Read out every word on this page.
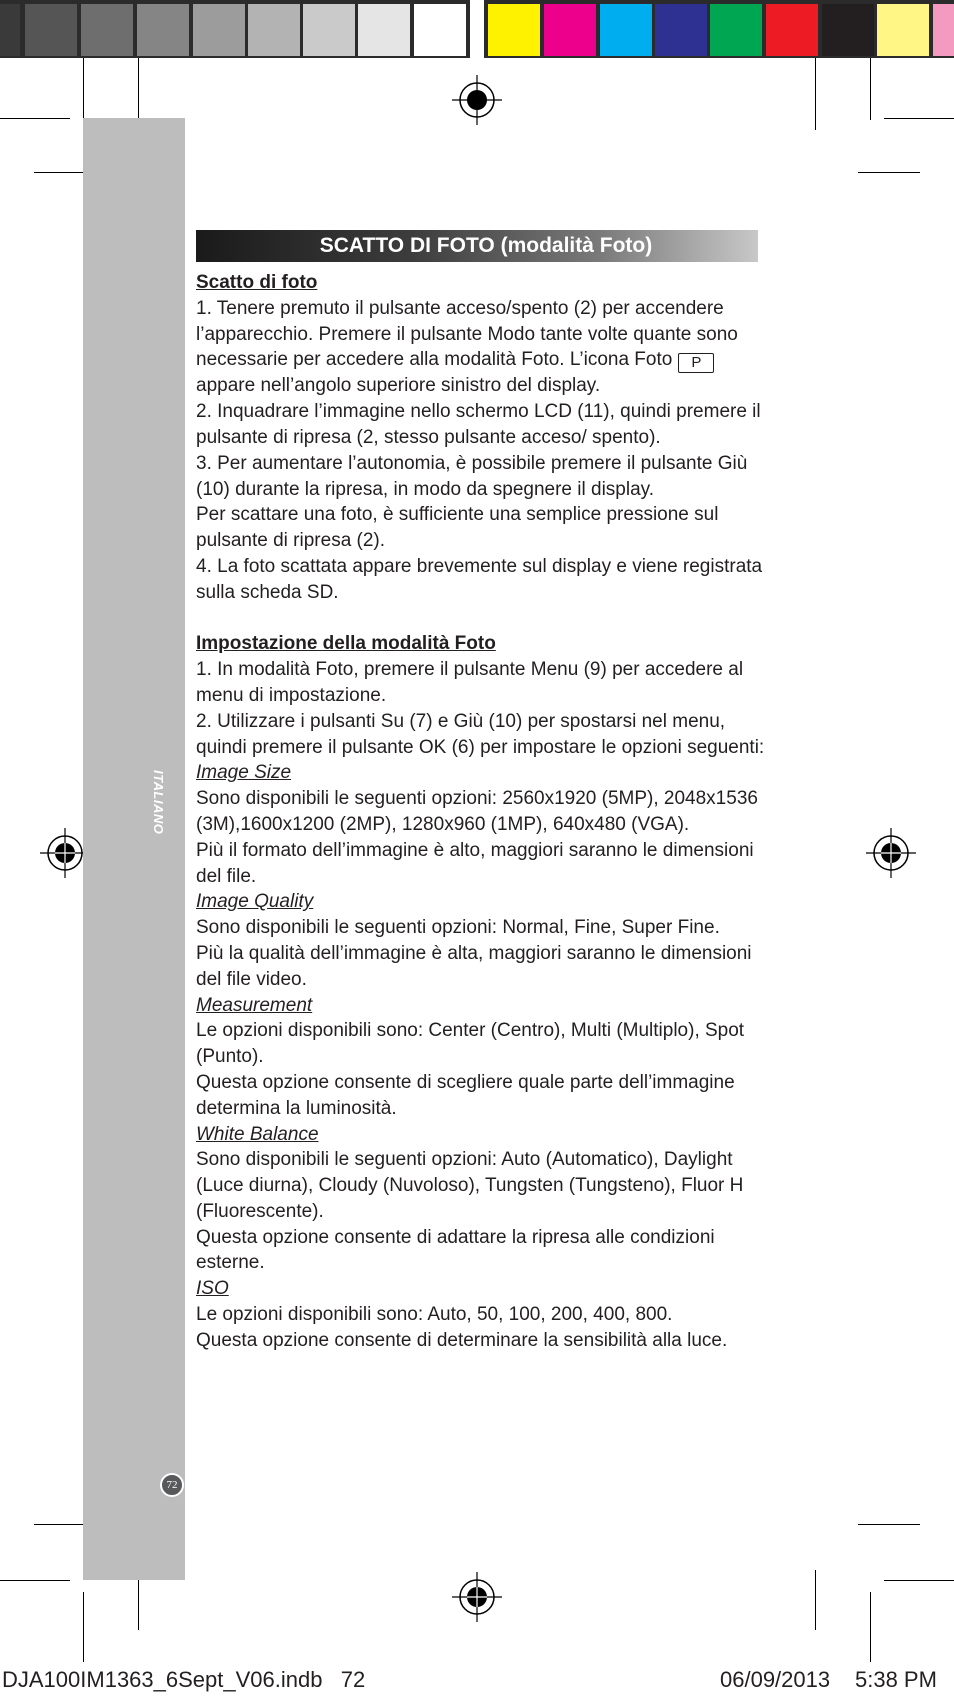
ITALIANO
72
SCATTO DI FOTO (modalità Foto)

Scatto di foto

1. Tenere premuto il pulsante acceso/spento (2) per accendere l’apparecchio. Premere il pulsante Modo tante volte quante sono necessarie per accedere alla modalità Foto. L’icona Foto P appare nell’angolo superiore sinistro del display.

2. Inquadrare l’immagine nello schermo LCD (11), quindi premere il pulsante di ripresa (2, stesso pulsante acceso/ spento).

3. Per aumentare l’autonomia, è possibile premere il pulsante Giù (10) durante la ripresa, in modo da spegnere il display.

Per scattare una foto, è sufficiente una semplice pressione sul pulsante di ripresa (2).

4. La foto scattata appare brevemente sul display e viene registrata sulla scheda SD.

Impostazione della modalità Foto

1. In modalità Foto, premere il pulsante Menu (9) per accedere al menu di impostazione.

2. Utilizzare i pulsanti Su (7) e Giù (10) per spostarsi nel menu, quindi premere il pulsante OK (6) per impostare le opzioni seguenti:

Image Size

Sono disponibili le seguenti opzioni: 2560x1920 (5MP), 2048x1536 (3M),1600x1200 (2MP), 1280x960 (1MP), 640x480 (VGA).

Più il formato dell’immagine è alto, maggiori saranno le dimensioni del file.

Image Quality

Sono disponibili le seguenti opzioni: Normal, Fine, Super Fine.

Più la qualità dell’immagine è alta, maggiori saranno le dimensioni del file video.

Measurement

Le opzioni disponibili sono: Center (Centro), Multi (Multiplo), Spot (Punto).

Questa opzione consente di scegliere quale parte dell’immagine determina la luminosità.

White Balance

Sono disponibili le seguenti opzioni: Auto (Automatico), Daylight (Luce diurna), Cloudy (Nuvoloso), Tungsten (Tungsteno), Fluor H (Fluorescente).

Questa opzione consente di adattare la ripresa alle condizioni esterne.

ISO

Le opzioni disponibili sono: Auto, 50, 100, 200, 400, 800.

Questa opzione consente di determinare la sensibilità alla luce.

DJA100IM1363_6Sept_V06.indb   72	06/09/2013 5:38 PM
